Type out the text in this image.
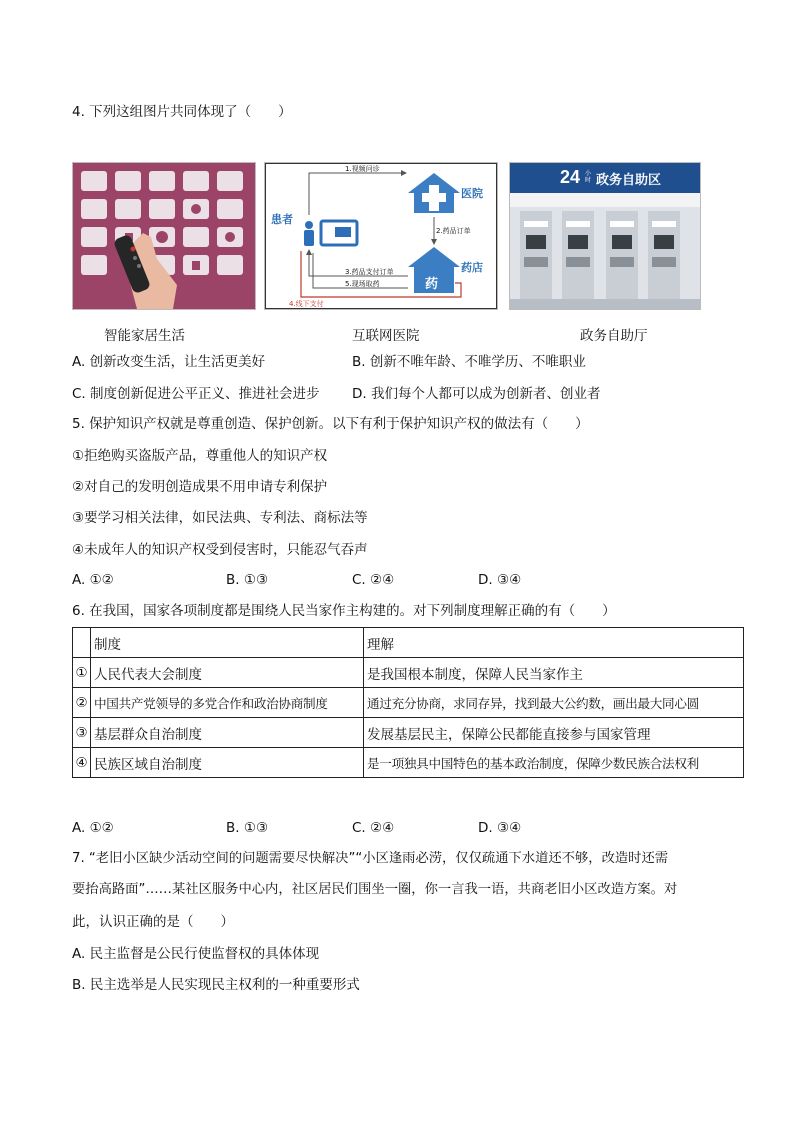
4. 下列这组图片共同体现了（　　）
患者
医院
药店
药
1.视频问诊
2.药品订单
3.药品支付订单
5.现场取药
4.线下支付
24 小时 政务自助区
智能家居生活	互联网医院	政务自助厅
A. 创新改变生活，让生活更美好	B. 创新不唯年龄、不唯学历、不唯职业
C. 制度创新促进公平正义、推进社会进步 D. 我们每个人都可以成为创新者、创业者
5. 保护知识产权就是尊重创造、保护创新。以下有利于保护知识产权的做法有（　　）
①拒绝购买盗版产品，尊重他人的知识产权
②对自己的发明创造成果不用申请专利保护
③要学习相关法律，如民法典、专利法、商标法等
④未成年人的知识产权受到侵害时，只能忍气吞声
A. ①②	B. ①③	C. ②④	D. ③④
6. 在我国，国家各项制度都是围绕人民当家作主构建的。对下列制度理解正确的有（　　）
	制度	理解
①	人民代表大会制度	是我国根本制度，保障人民当家作主
②	中国共产党领导的多党合作和政治协商制度	通过充分协商，求同存异，找到最大公约数，画出最大同心圆
③	基层群众自治制度	发展基层民主，保障公民都能直接参与国家管理
④	民族区域自治制度	是一项独具中国特色的基本政治制度，保障少数民族合法权利
A. ①②	B. ①③	C. ②④	D. ③④
7. “老旧小区缺少活动空间的问题需要尽快解决”“小区逢雨必涝，仅仅疏通下水道还不够，改造时还需
要抬高路面”……某社区服务中心内，社区居民们围坐一圈，你一言我一语，共商老旧小区改造方案。对
此，认识正确的是（　　）
A. 民主监督是公民行使监督权的具体体现
B. 民主选举是人民实现民主权利的一种重要形式
